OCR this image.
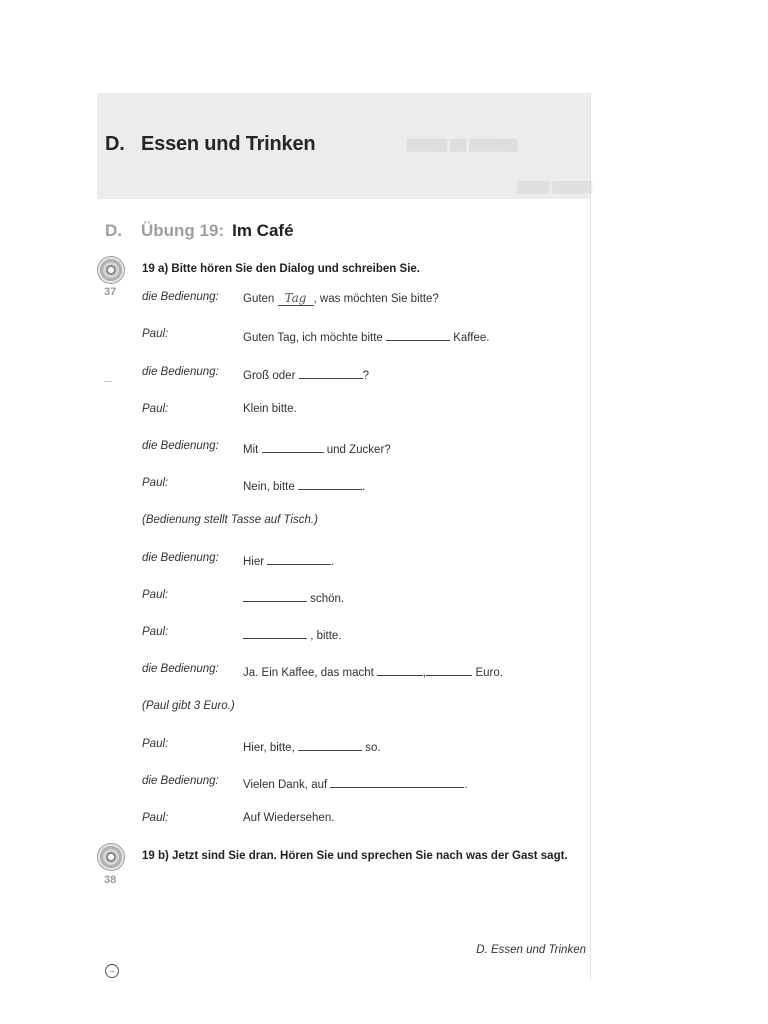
▓▓▓▓▓ ▓▓ ▓▓▓▓▓▓
▓▓▓▓ ▓▓▓▓▓
D. Essen und Trinken
D. Übung 19: Im Café
37
38
19 a) Bitte hören Sie den Dialog und schreiben Sie.
die Bedienung: Guten Tag , was möchten Sie bitte?
Paul:	Guten Tag, ich möchte bitte	Kaffee.
die Bedienung: Groß oder	?
Paul:	Klein bitte.
die Bedienung: Mit	und Zucker?
Paul:	Nein, bitte	.
(Bedienung stellt Tasse auf Tisch.)
die Bedienung: Hier	.
Paul:	schön.
Paul:	, bitte.
die Bedienung: Ja. Ein Kaffee, das macht	,	Euro.
(Paul gibt 3 Euro.)
Paul:	Hier, bitte,	so.
die Bedienung: Vielen Dank, auf	.
Paul:	Auf Wiedersehen.
19 b) Jetzt sind Sie dran. Hören Sie und sprechen Sie nach was der Gast sagt.
D. Essen und Trinken
→
